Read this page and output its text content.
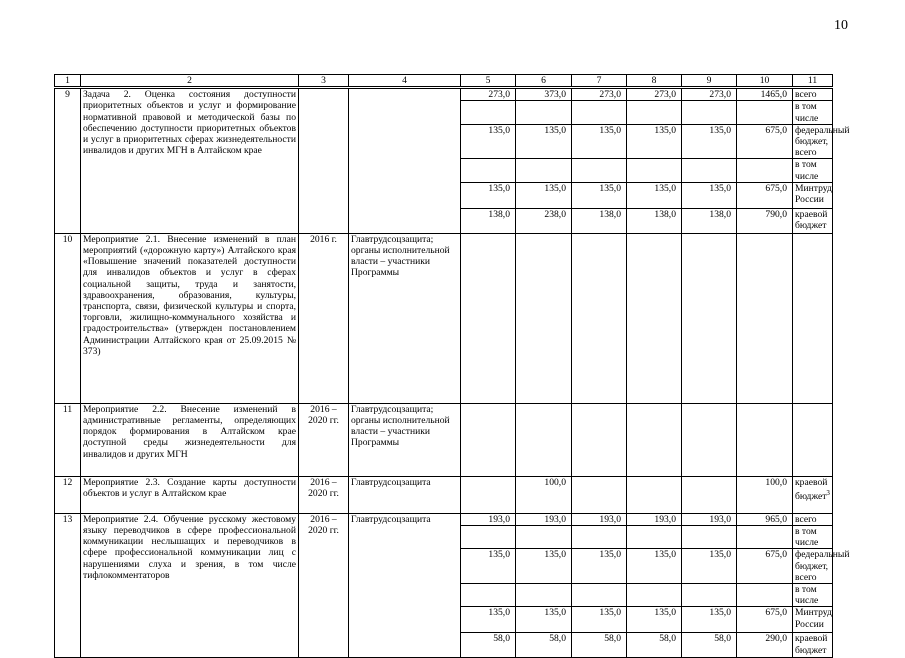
10
1	2	3	4	5	6	7	8	9	10	11
9	Задача 2. Оценка состояния доступности приоритетных объектов и услуг и формирование нормативной правовой и методической базы по обеспечению доступности приоритетных объектов и услуг в приоритетных сферах жизнедеятельности инвалидов и других МГН в Алтайском крае			273,0	373,0	273,0	273,0	273,0	1465,0	всего
										в том числе
				135,0	135,0	135,0	135,0	135,0	675,0	федеральный бюджет, всего
										в том числе
				135,0	135,0	135,0	135,0	135,0	675,0	Минтруд России
				138,0	238,0	138,0	138,0	138,0	790,0	краевой бюджет
10	Мероприятие 2.1. Внесение изменений в план мероприятий («дорожную карту») Алтайского края «Повышение значений показателей доступности для инвалидов объектов и услуг в сферах социальной защиты, труда и занятости, здравоохранения, образования, культуры, транспорта, связи, физической культуры и спорта, торговли, жилищно-коммунального хозяйства и градостроительства» (утвержден постановлением Администрации Алтайского края от 25.09.2015 № 373)	2016 г.	Главтрудсоцзащита; органы исполнительной власти – участники Программы							
11	Мероприятие 2.2. Внесение изменений в административные регламенты, определяющих порядок формирования в Алтайском крае доступной среды жизнедеятельности для инвалидов и других МГН	2016 – 2020 гг.	Главтрудсоцзащита; органы исполнительной власти – участники Программы							
12	Мероприятие 2.3. Создание карты доступности объектов и услуг в Алтайском крае	2016 – 2020 гг.	Главтрудсоцзащита		100,0				100,0	краевой бюджет$^3$
13	Мероприятие 2.4. Обучение русскому жестовому языку переводчиков в сфере профессиональной коммуникации неслышащих и переводчиков в сфере профессиональной коммуникации лиц с нарушениями слуха и зрения, в том числе тифлокомментаторов	2016 – 2020 гг.	Главтрудсоцзащита	193,0	193,0	193,0	193,0	193,0	965,0	всего
										в том числе
				135,0	135,0	135,0	135,0	135,0	675,0	федеральный бюджет, всего
										в том числе
				135,0	135,0	135,0	135,0	135,0	675,0	Минтруд России
				58,0	58,0	58,0	58,0	58,0	290,0	краевой бюджет
